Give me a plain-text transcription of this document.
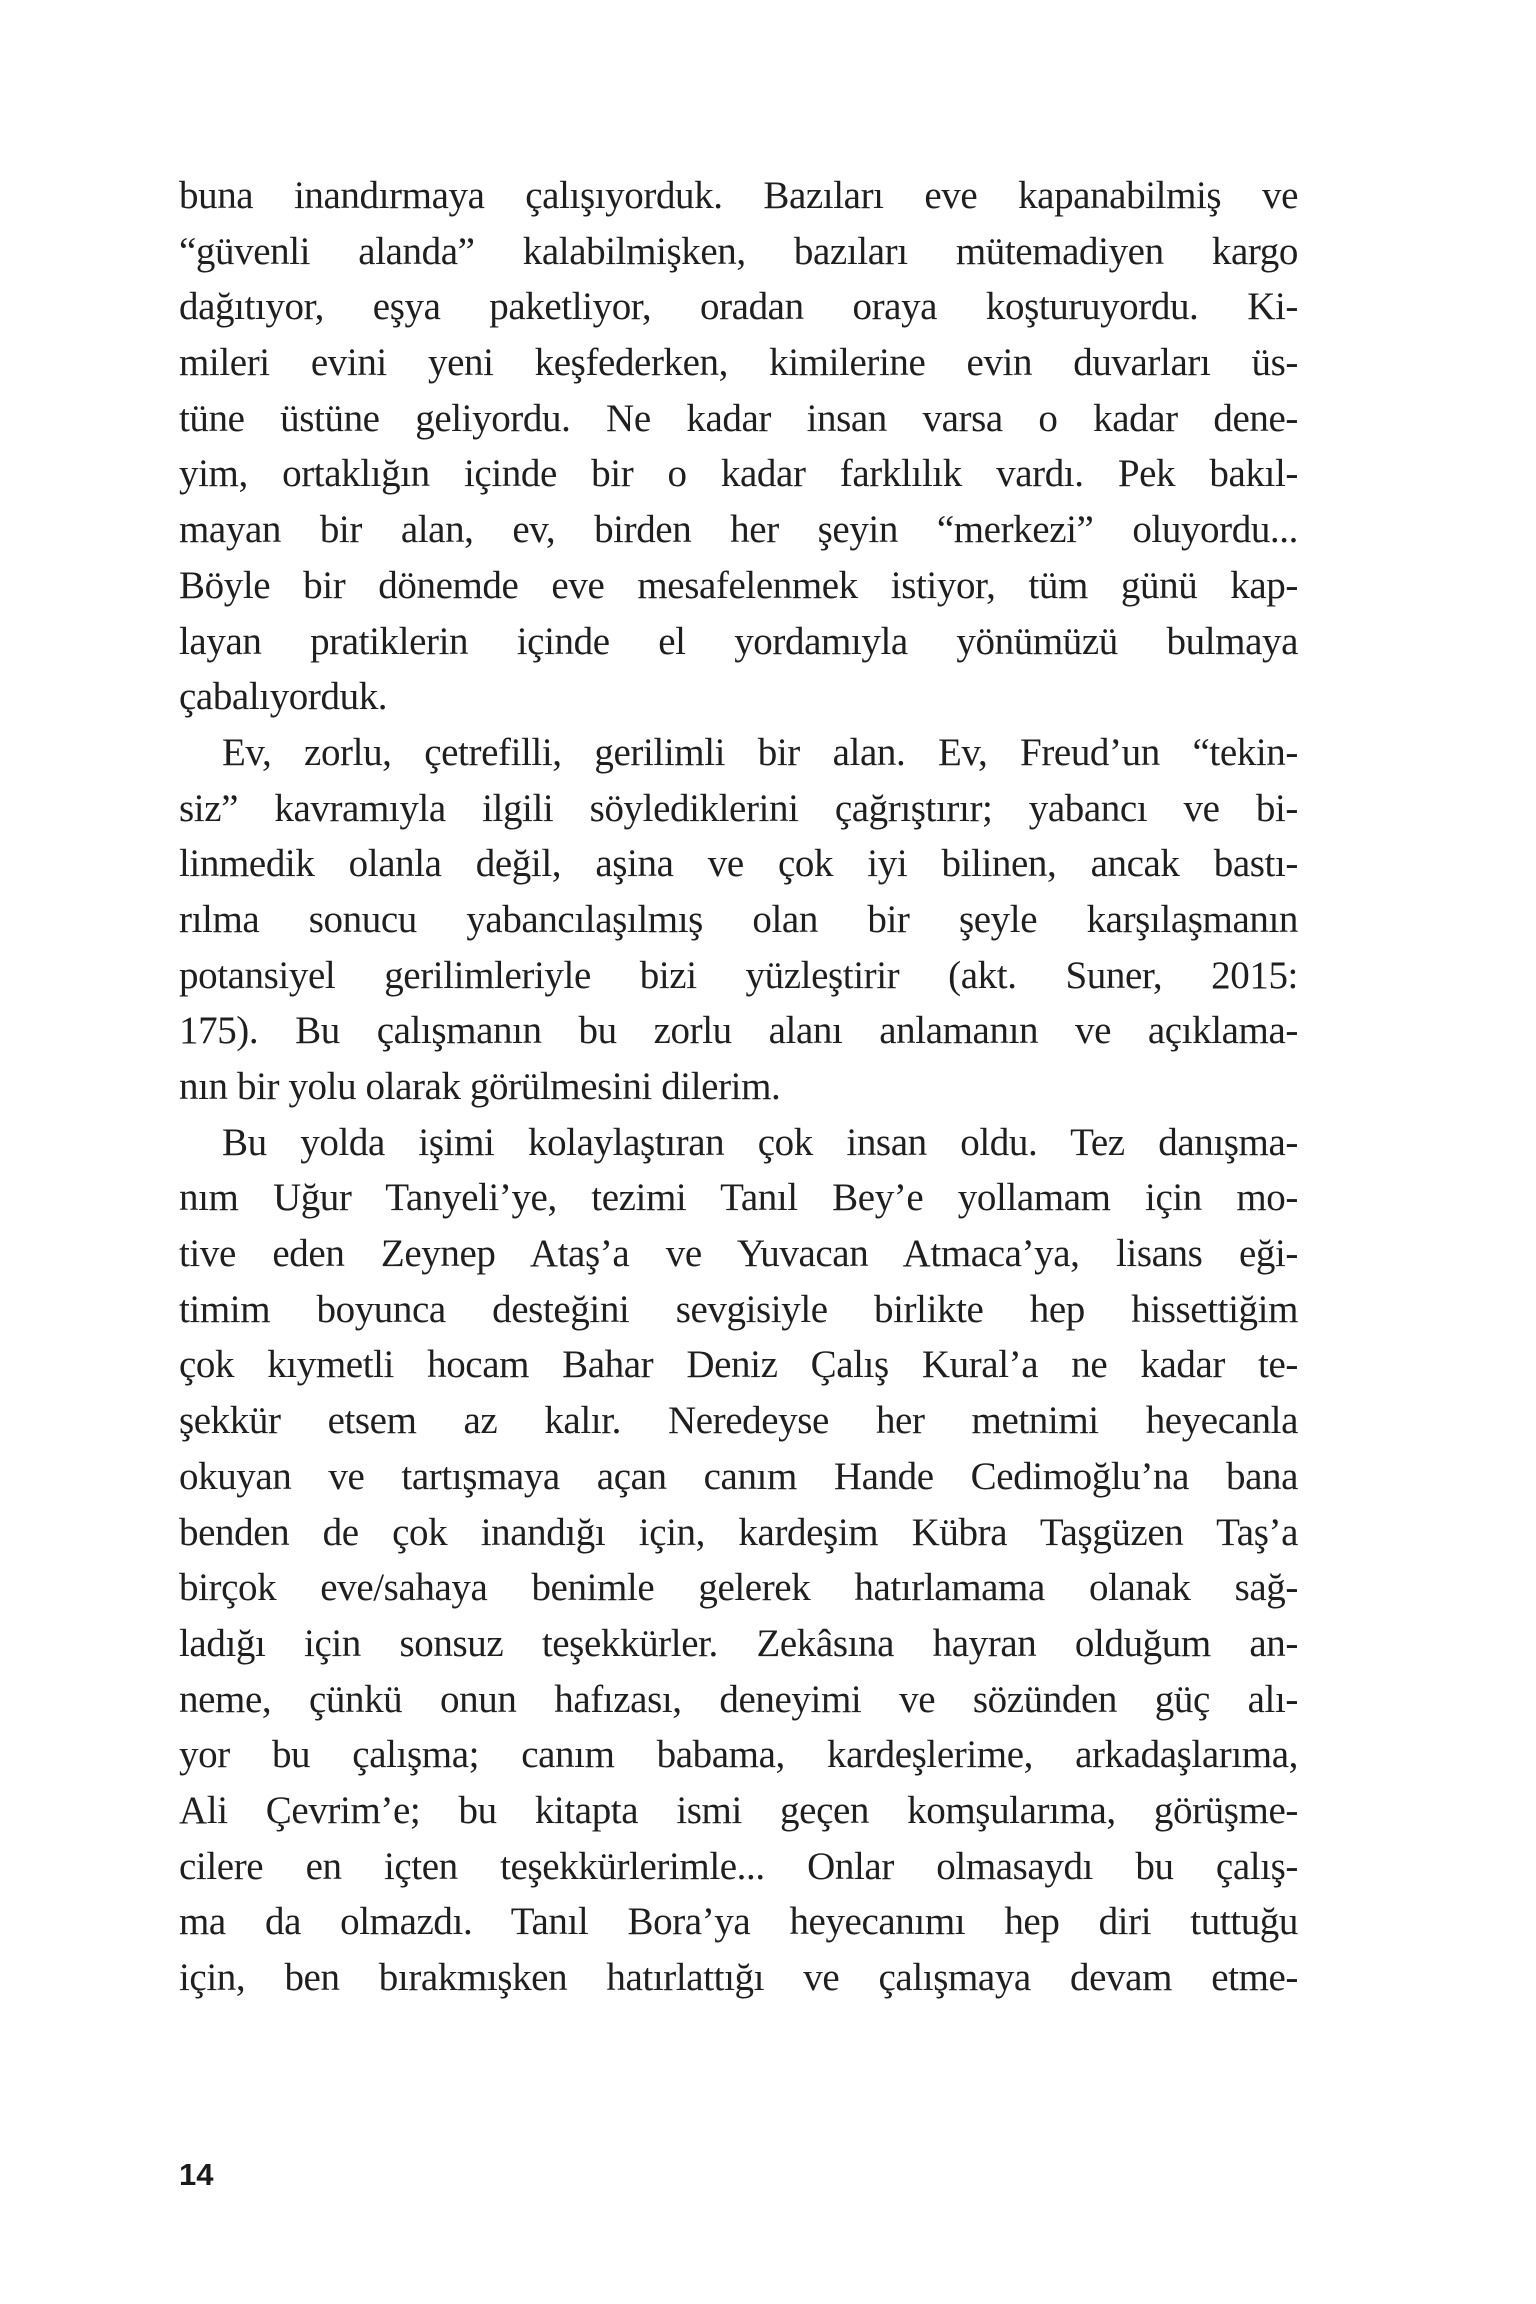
buna inandırmaya çalışıyorduk. Bazıları eve kapanabilmiş ve
“güvenli alanda” kalabilmişken, bazıları mütemadiyen kargo
dağıtıyor, eşya paketliyor, oradan oraya koşturuyordu. Ki-
mileri evini yeni keşfederken, kimilerine evin duvarları üs-
tüne üstüne geliyordu. Ne kadar insan varsa o kadar dene-
yim, ortaklığın içinde bir o kadar farklılık vardı. Pek bakıl-
mayan bir alan, ev, birden her şeyin “merkezi” oluyordu...
Böyle bir dönemde eve mesafelenmek istiyor, tüm günü kap-
layan pratiklerin içinde el yordamıyla yönümüzü bulmaya
çabalıyorduk.
Ev, zorlu, çetrefilli, gerilimli bir alan. Ev, Freud’un “tekin-
siz” kavramıyla ilgili söylediklerini çağrıştırır; yabancı ve bi-
linmedik olanla değil, aşina ve çok iyi bilinen, ancak bastı-
rılma sonucu yabancılaşılmış olan bir şeyle karşılaşmanın
potansiyel gerilimleriyle bizi yüzleştirir (akt. Suner, 2015:
175). Bu çalışmanın bu zorlu alanı anlamanın ve açıklama-
nın bir yolu olarak görülmesini dilerim.
Bu yolda işimi kolaylaştıran çok insan oldu. Tez danışma-
nım Uğur Tanyeli’ye, tezimi Tanıl Bey’e yollamam için mo-
tive eden Zeynep Ataş’a ve Yuvacan Atmaca’ya, lisans eği-
timim boyunca desteğini sevgisiyle birlikte hep hissettiğim
çok kıymetli hocam Bahar Deniz Çalış Kural’a ne kadar te-
şekkür etsem az kalır. Neredeyse her metnimi heyecanla
okuyan ve tartışmaya açan canım Hande Cedimoğlu’na bana
benden de çok inandığı için, kardeşim Kübra Taşgüzen Taş’a
birçok eve/sahaya benimle gelerek hatırlamama olanak sağ-
ladığı için sonsuz teşekkürler. Zekâsına hayran olduğum an-
neme, çünkü onun hafızası, deneyimi ve sözünden güç alı-
yor bu çalışma; canım babama, kardeşlerime, arkadaşlarıma,
Ali Çevrim’e; bu kitapta ismi geçen komşularıma, görüşme-
cilere en içten teşekkürlerimle... Onlar olmasaydı bu çalış-
ma da olmazdı. Tanıl Bora’ya heyecanımı hep diri tuttuğu
için, ben bırakmışken hatırlattığı ve çalışmaya devam etme-
14
